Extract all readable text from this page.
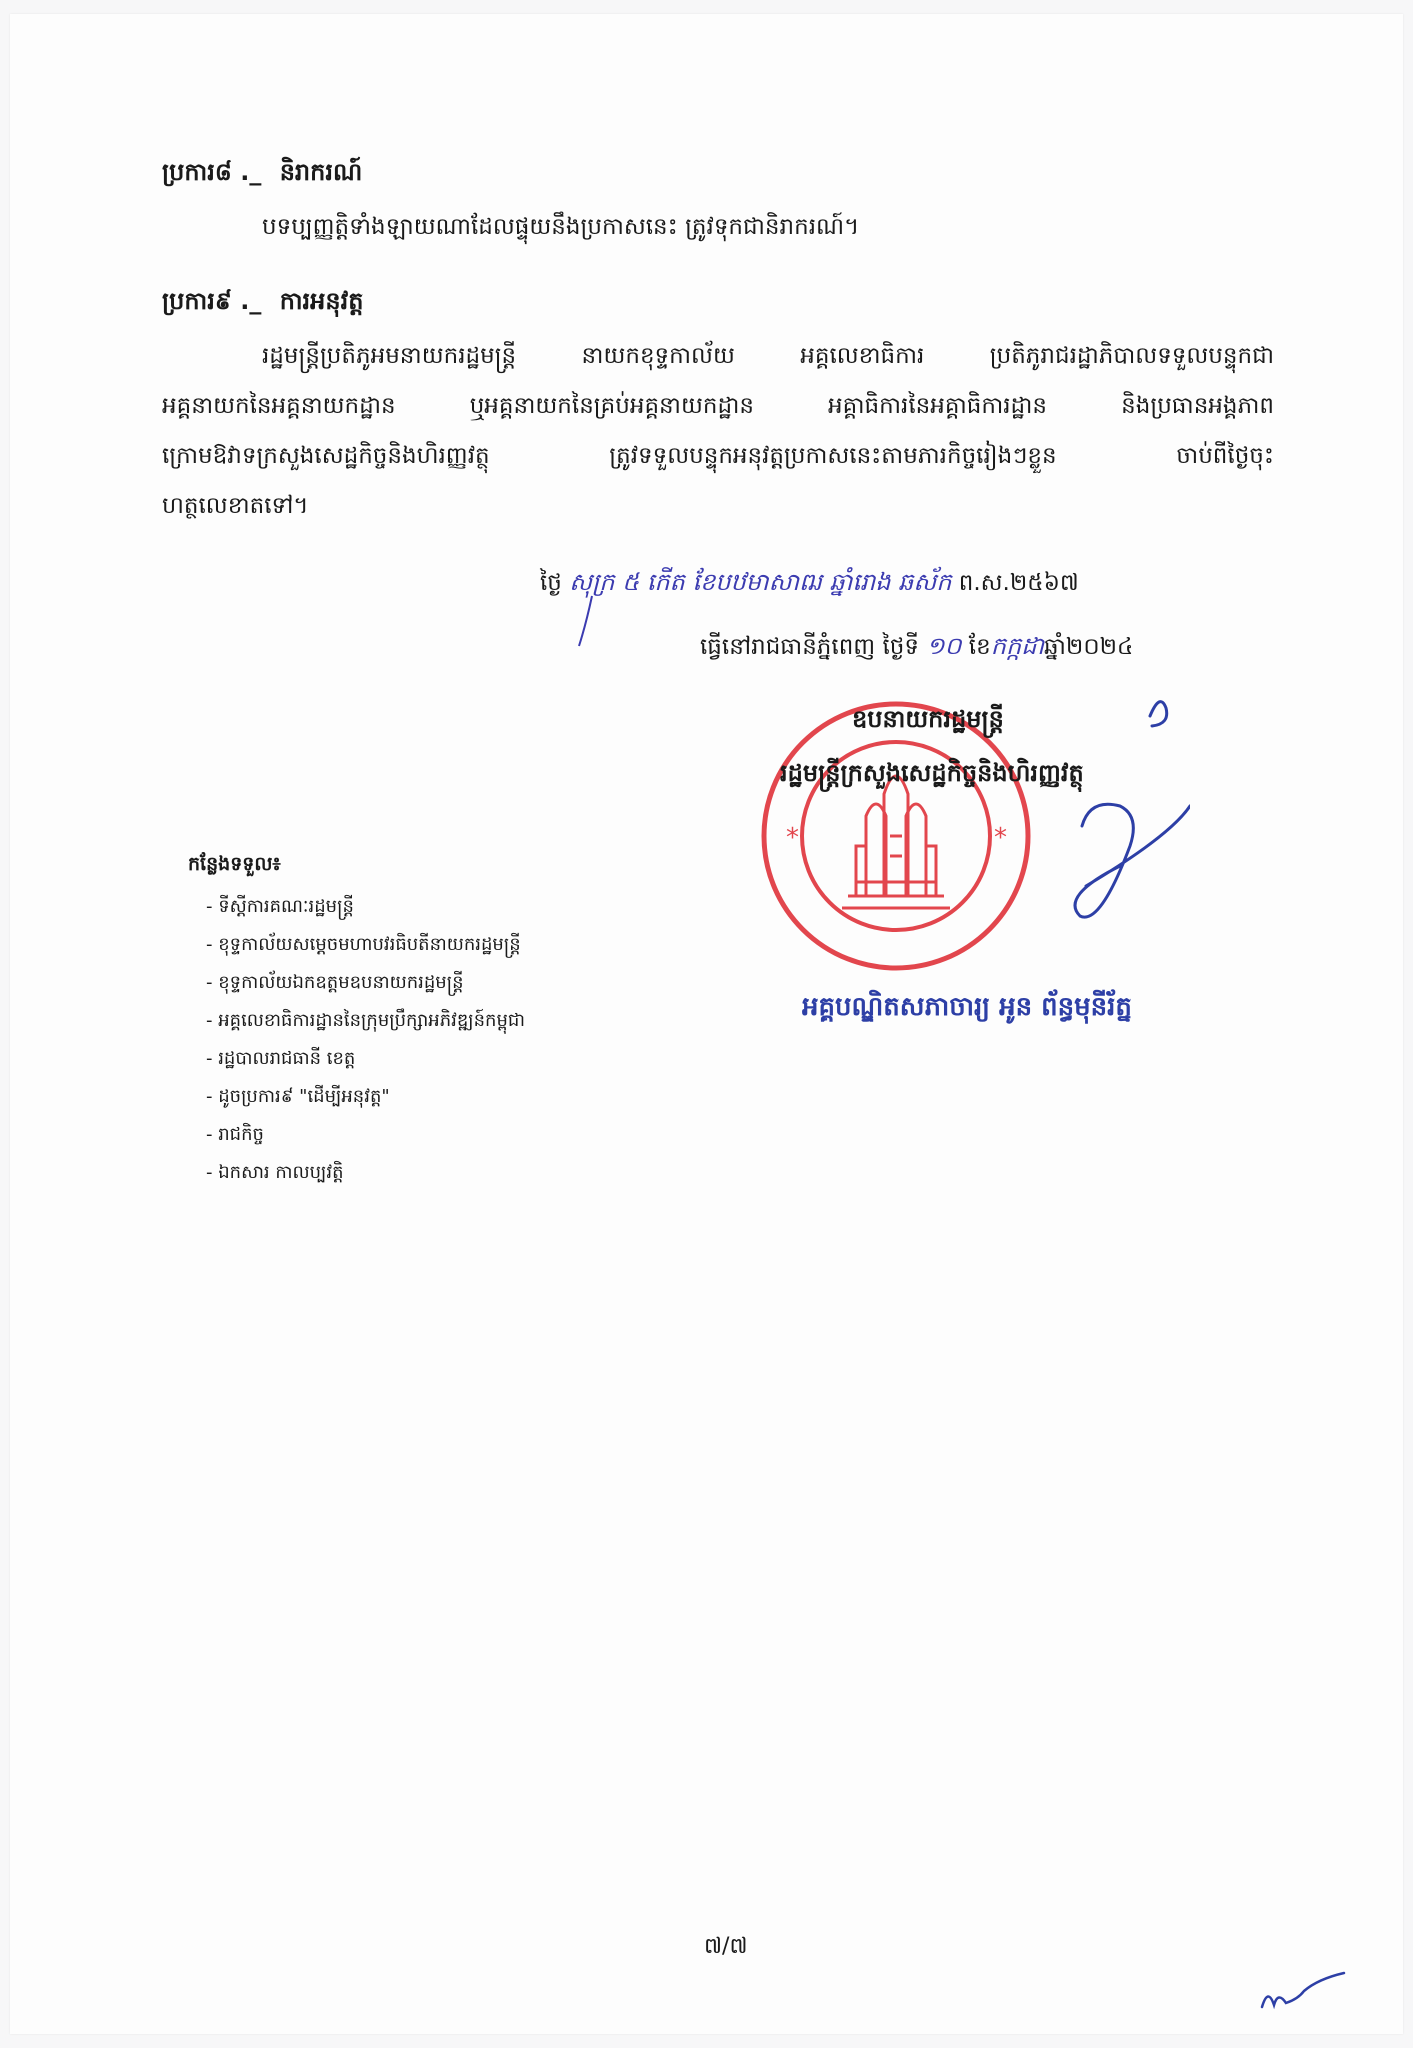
ប្រការ៨ ._ និរាករណ៍
បទប្បញ្ញត្តិទាំងឡាយណាដែលផ្ទុយនឹងប្រកាសនេះ ត្រូវទុកជានិរាករណ៍។
ប្រការ៩ ._ ការអនុវត្ត
រដ្ឋមន្ត្រីប្រតិភូអមនាយករដ្ឋមន្ត្រី នាយកខុទ្ទកាល័យ អគ្គលេខាធិការ ប្រតិភូរាជរដ្ឋាភិបាលទទួលបន្ទុកជា
អគ្គនាយកនៃអគ្គនាយកដ្ឋាន ឬអគ្គនាយកនៃគ្រប់អគ្គនាយកដ្ឋាន អគ្គាធិការនៃអគ្គាធិការដ្ឋាន និងប្រធានអង្គភាព
ក្រោមឱវាទក្រសួងសេដ្ឋកិច្ចនិងហិរញ្ញវត្ថុ ត្រូវទទួលបន្ទុកអនុវត្តប្រកាសនេះតាមភារកិច្ចរៀងៗខ្លួន ចាប់ពីថ្ងៃចុះ
ហត្ថលេខាតទៅ។
ថ្ងៃ សុក្រ ៥ កើត ខែបឋមាសាឍ ឆ្នាំរោង ឆស័ក ព.ស.២៥៦៧
ធ្វើនៅរាជធានីភ្នំពេញ ថ្ងៃទី ១០ ខែកក្កដាឆ្នាំ២០២៤
*	*
ឧបនាយករដ្ឋមន្ត្រី
រដ្ឋមន្ត្រីក្រសួងសេដ្ឋកិច្ចនិងហិរញ្ញវត្ថុ
អគ្គបណ្ឌិតសភាចារ្យ អូន ព័ន្ធមុនីរ័ត្ន
កន្លែងទទួល៖
- ទីស្តីការគណៈរដ្ឋមន្ត្រី
- ខុទ្ទកាល័យសម្តេចមហាបវរធិបតីនាយករដ្ឋមន្ត្រី
- ខុទ្ទកាល័យឯកឧត្តមឧបនាយករដ្ឋមន្ត្រី
- អគ្គលេខាធិការដ្ឋាននៃក្រុមប្រឹក្សាអភិវឌ្ឍន៍កម្ពុជា
- រដ្ឋបាលរាជធានី ខេត្ត
- ដូចប្រការ៩ "ដើម្បីអនុវត្ត"
- រាជកិច្ច
- ឯកសារ កាលប្បវត្តិ
៧/៧
